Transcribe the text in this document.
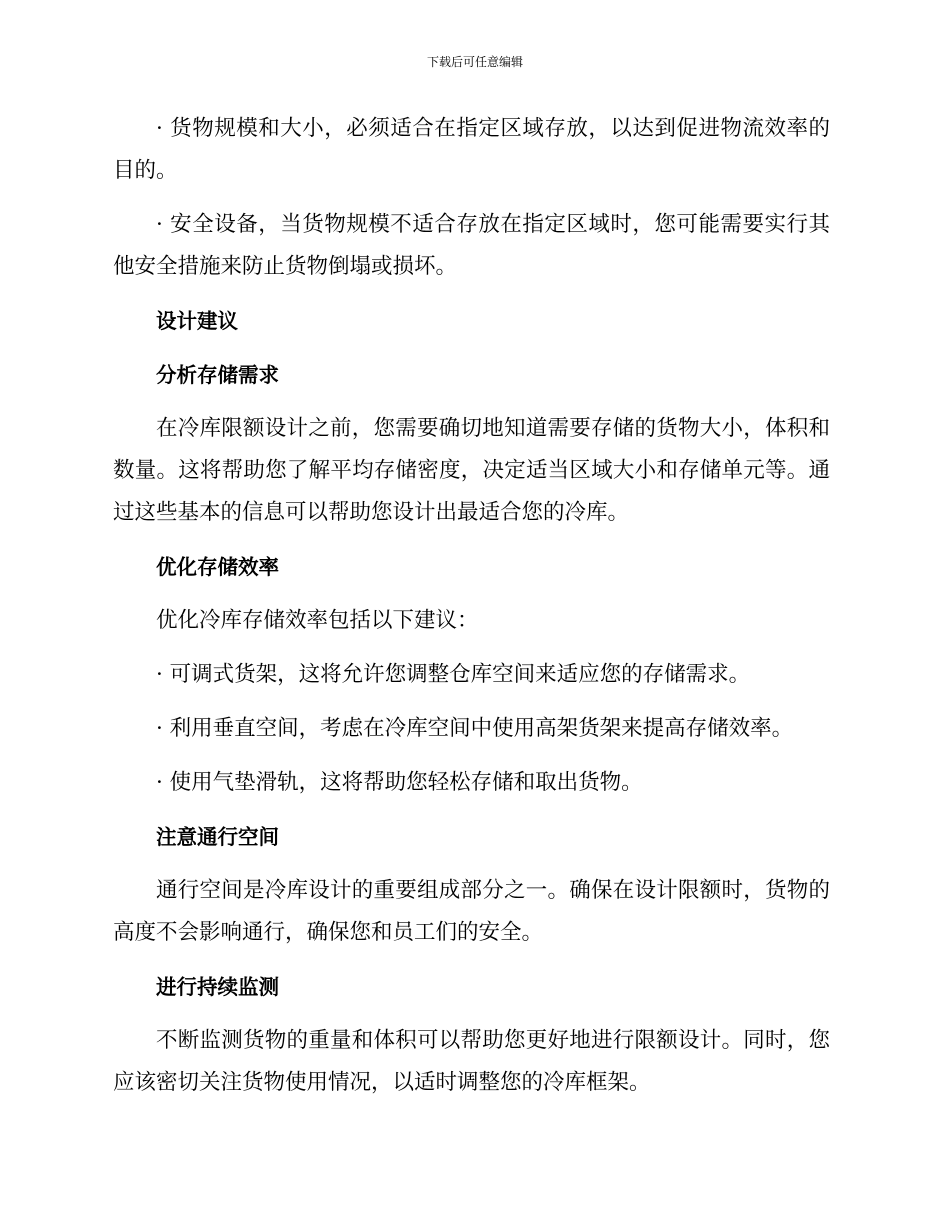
下载后可任意编辑

· 货物规模和大小，必须适合在指定区域存放，以达到促进物流效率的目的。

· 安全设备，当货物规模不适合存放在指定区域时，您可能需要实行其他安全措施来防止货物倒塌或损坏。

设计建议
分析存储需求

在冷库限额设计之前，您需要确切地知道需要存储的货物大小，体积和数量。这将帮助您了解平均存储密度，决定适当区域大小和存储单元等。通过这些基本的信息可以帮助您设计出最适合您的冷库。

优化存储效率

优化冷库存储效率包括以下建议：

· 可调式货架，这将允许您调整仓库空间来适应您的存储需求。

· 利用垂直空间，考虑在冷库空间中使用高架货架来提高存储效率。

· 使用气垫滑轨，这将帮助您轻松存储和取出货物。

注意通行空间

通行空间是冷库设计的重要组成部分之一。确保在设计限额时，货物的高度不会影响通行，确保您和员工们的安全。

进行持续监测

不断监测货物的重量和体积可以帮助您更好地进行限额设计。同时，您应该密切关注货物使用情况，以适时调整您的冷库框架。
